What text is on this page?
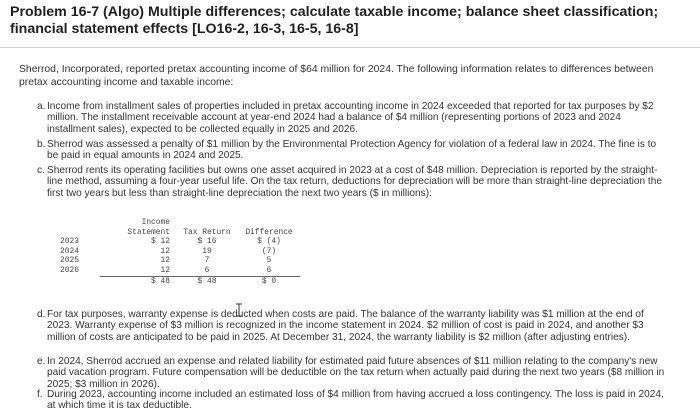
Problem 16-7 (Algo) Multiple differences; calculate taxable income; balance sheet classification; financial statement effects [LO16-2, 16-3, 16-5, 16-8]
Sherrod, Incorporated, reported pretax accounting income of $64 million for 2024. The following information relates to differences between pretax accounting income and taxable income:
a. Income from installment sales of properties included in pretax accounting income in 2024 exceeded that reported for tax purposes by $2 million. The installment receivable account at year-end 2024 had a balance of $4 million (representing portions of 2023 and 2024 installment sales), expected to be collected equally in 2025 and 2026.
b. Sherrod was assessed a penalty of $1 million by the Environmental Protection Agency for violation of a federal law in 2024. The fine is to be paid in equal amounts in 2024 and 2025.
c. Sherrod rents its operating facilities but owns one asset acquired in 2023 at a cost of $48 million. Depreciation is reported by the straight-line method, assuming a four-year useful life. On the tax return, deductions for depreciation will be more than straight-line depreciation the first two years but less than straight-line depreciation the next two years ($ in millions):
	Income		
	Statement	Tax Return	Difference
2023	$ 12	$ 16	$ (4)
2024	12	19	(7)
2025	12	7	5
2026	12	6	6
	$ 48	$ 48	$ 0
d. For tax purposes, warranty expense is deducted when costs are paid. The balance of the warranty liability was $1 million at the end of 2023. Warranty expense of $3 million is recognized in the income statement in 2024. $2 million of cost is paid in 2024, and another $3 million of costs are anticipated to be paid in 2025. At December 31, 2024, the warranty liability is $2 million (after adjusting entries).
e. In 2024, Sherrod accrued an expense and related liability for estimated paid future absences of $11 million relating to the company's new paid vacation program. Future compensation will be deductible on the tax return when actually paid during the next two years ($8 million in 2025; $3 million in 2026).
f. During 2023, accounting income included an estimated loss of $4 million from having accrued a loss contingency. The loss is paid in 2024, at which time it is tax deductible.
